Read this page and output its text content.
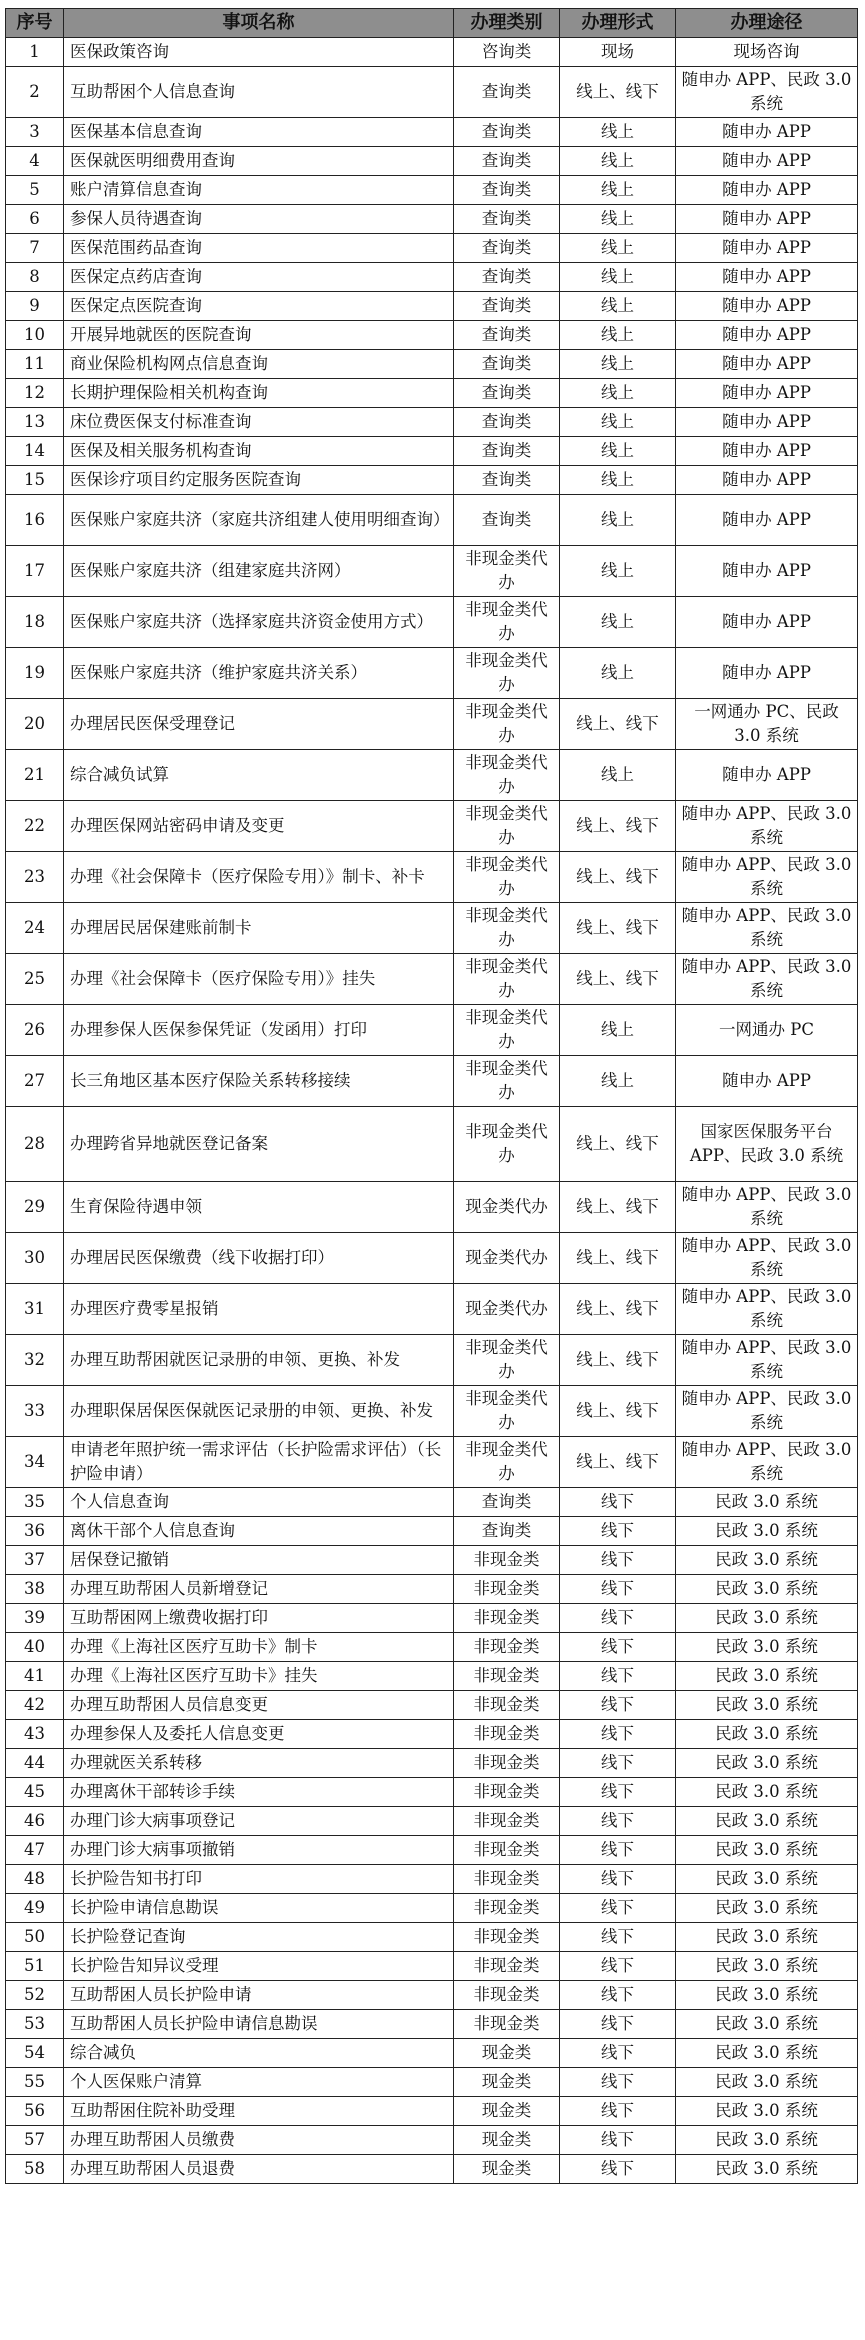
序号	事项名称	办理类别	办理形式	办理途径
1	医保政策咨询	咨询类	现场	现场咨询
2	互助帮困个人信息查询	查询类	线上、线下	随申办 APP、民政 3.0 系统
3	医保基本信息查询	查询类	线上	随申办 APP
4	医保就医明细费用查询	查询类	线上	随申办 APP
5	账户清算信息查询	查询类	线上	随申办 APP
6	参保人员待遇查询	查询类	线上	随申办 APP
7	医保范围药品查询	查询类	线上	随申办 APP
8	医保定点药店查询	查询类	线上	随申办 APP
9	医保定点医院查询	查询类	线上	随申办 APP
10	开展异地就医的医院查询	查询类	线上	随申办 APP
11	商业保险机构网点信息查询	查询类	线上	随申办 APP
12	长期护理保险相关机构查询	查询类	线上	随申办 APP
13	床位费医保支付标准查询	查询类	线上	随申办 APP
14	医保及相关服务机构查询	查询类	线上	随申办 APP
15	医保诊疗项目约定服务医院查询	查询类	线上	随申办 APP
16	医保账户家庭共济（家庭共济组建人使用明细查询）	查询类	线上	随申办 APP
17	医保账户家庭共济（组建家庭共济网）	非现金类代办	线上	随申办 APP
18	医保账户家庭共济（选择家庭共济资金使用方式）	非现金类代办	线上	随申办 APP
19	医保账户家庭共济（维护家庭共济关系）	非现金类代办	线上	随申办 APP
20	办理居民医保受理登记	非现金类代办	线上、线下	一网通办 PC、民政 3.0 系统
21	综合减负试算	非现金类代办	线上	随申办 APP
22	办理医保网站密码申请及变更	非现金类代办	线上、线下	随申办 APP、民政 3.0 系统
23	办理《社会保障卡（医疗保险专用）》制卡、补卡	非现金类代办	线上、线下	随申办 APP、民政 3.0 系统
24	办理居民居保建账前制卡	非现金类代办	线上、线下	随申办 APP、民政 3.0 系统
25	办理《社会保障卡（医疗保险专用）》挂失	非现金类代办	线上、线下	随申办 APP、民政 3.0 系统
26	办理参保人医保参保凭证（发函用）打印	非现金类代办	线上	一网通办 PC
27	长三角地区基本医疗保险关系转移接续	非现金类代办	线上	随申办 APP
28	办理跨省异地就医登记备案	非现金类代办	线上、线下	国家医保服务平台 APP、民政 3.0 系统
29	生育保险待遇申领	现金类代办	线上、线下	随申办 APP、民政 3.0 系统
30	办理居民医保缴费（线下收据打印）	现金类代办	线上、线下	随申办 APP、民政 3.0 系统
31	办理医疗费零星报销	现金类代办	线上、线下	随申办 APP、民政 3.0 系统
32	办理互助帮困就医记录册的申领、更换、补发	非现金类代办	线上、线下	随申办 APP、民政 3.0 系统
33	办理职保居保医保就医记录册的申领、更换、补发	非现金类代办	线上、线下	随申办 APP、民政 3.0 系统
34	申请老年照护统一需求评估（长护险需求评估）（长护险申请）	非现金类代办	线上、线下	随申办 APP、民政 3.0 系统
35	个人信息查询	查询类	线下	民政 3.0 系统
36	离休干部个人信息查询	查询类	线下	民政 3.0 系统
37	居保登记撤销	非现金类	线下	民政 3.0 系统
38	办理互助帮困人员新增登记	非现金类	线下	民政 3.0 系统
39	互助帮困网上缴费收据打印	非现金类	线下	民政 3.0 系统
40	办理《上海社区医疗互助卡》制卡	非现金类	线下	民政 3.0 系统
41	办理《上海社区医疗互助卡》挂失	非现金类	线下	民政 3.0 系统
42	办理互助帮困人员信息变更	非现金类	线下	民政 3.0 系统
43	办理参保人及委托人信息变更	非现金类	线下	民政 3.0 系统
44	办理就医关系转移	非现金类	线下	民政 3.0 系统
45	办理离休干部转诊手续	非现金类	线下	民政 3.0 系统
46	办理门诊大病事项登记	非现金类	线下	民政 3.0 系统
47	办理门诊大病事项撤销	非现金类	线下	民政 3.0 系统
48	长护险告知书打印	非现金类	线下	民政 3.0 系统
49	长护险申请信息勘误	非现金类	线下	民政 3.0 系统
50	长护险登记查询	非现金类	线下	民政 3.0 系统
51	长护险告知异议受理	非现金类	线下	民政 3.0 系统
52	互助帮困人员长护险申请	非现金类	线下	民政 3.0 系统
53	互助帮困人员长护险申请信息勘误	非现金类	线下	民政 3.0 系统
54	综合减负	现金类	线下	民政 3.0 系统
55	个人医保账户清算	现金类	线下	民政 3.0 系统
56	互助帮困住院补助受理	现金类	线下	民政 3.0 系统
57	办理互助帮困人员缴费	现金类	线下	民政 3.0 系统
58	办理互助帮困人员退费	现金类	线下	民政 3.0 系统
